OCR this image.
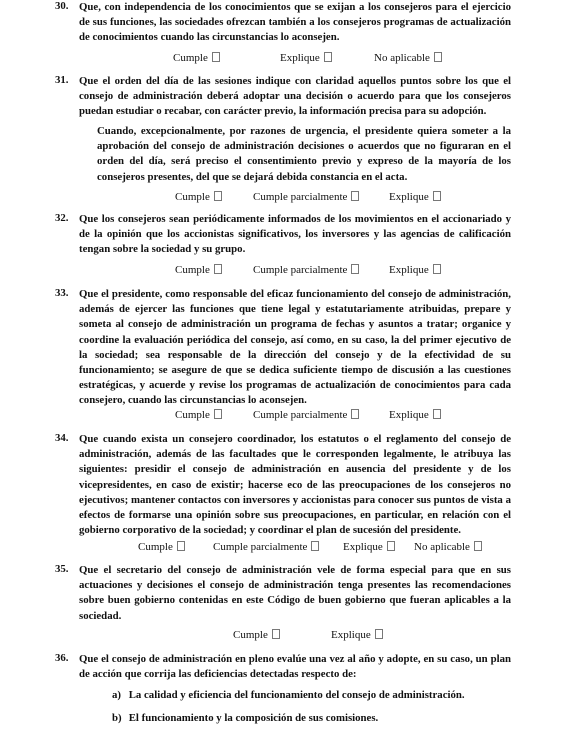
30. Que, con independencia de los conocimientos que se exijan a los consejeros para el ejercicio de sus funciones, las sociedades ofrezcan también a los consejeros programas de actualización de conocimientos cuando las circunstancias lo aconsejen.

Cumple	Explique	No aplicable
31. Que el orden del día de las sesiones indique con claridad aquellos puntos sobre los que el consejo de administración deberá adoptar una decisión o acuerdo para que los consejeros puedan estudiar o recabar, con carácter previo, la información precisa para su adopción.

Cuando, excepcionalmente, por razones de urgencia, el presidente quiera someter a la aprobación del consejo de administración decisiones o acuerdos que no figuraran en el orden del día, será preciso el consentimiento previo y expreso de la mayoría de los consejeros presentes, del que se dejará debida constancia en el acta.

Cumple	Cumple parcialmente	Explique
32. Que los consejeros sean periódicamente informados de los movimientos en el accionariado y de la opinión que los accionistas significativos, los inversores y las agencias de calificación tengan sobre la sociedad y su grupo.

Cumple	Cumple parcialmente	Explique
33. Que el presidente, como responsable del eficaz funcionamiento del consejo de administración, además de ejercer las funciones que tiene legal y estatutariamente atribuidas, prepare y someta al consejo de administración un programa de fechas y asuntos a tratar; organice y coordine la evaluación periódica del consejo, así como, en su caso, la del primer ejecutivo de la sociedad; sea responsable de la dirección del consejo y de la efectividad de su funcionamiento; se asegure de que se dedica suficiente tiempo de discusión a las cuestiones estratégicas, y acuerde y revise los programas de actualización de conocimientos para cada consejero, cuando las circunstancias lo aconsejen.

Cumple	Cumple parcialmente	Explique
34. Que cuando exista un consejero coordinador, los estatutos o el reglamento del consejo de administración, además de las facultades que le corresponden legalmente, le atribuya las siguientes: presidir el consejo de administración en ausencia del presidente y de los vicepresidentes, en caso de existir; hacerse eco de las preocupaciones de los consejeros no ejecutivos; mantener contactos con inversores y accionistas para conocer sus puntos de vista a efectos de formarse una opinión sobre sus preocupaciones, en particular, en relación con el gobierno corporativo de la sociedad; y coordinar el plan de sucesión del presidente.

Cumple	Cumple parcialmente	Explique	No aplicable
35. Que el secretario del consejo de administración vele de forma especial para que en sus actuaciones y decisiones el consejo de administración tenga presentes las recomendaciones sobre buen gobierno contenidas en este Código de buen gobierno que fueran aplicables a la sociedad.

Cumple	Explique
36. Que el consejo de administración en pleno evalúe una vez al año y adopte, en su caso, un plan de acción que corrija las deficiencias detectadas respecto de:

a) La calidad y eficiencia del funcionamiento del consejo de administración.
b) El funcionamiento y la composición de sus comisiones.
